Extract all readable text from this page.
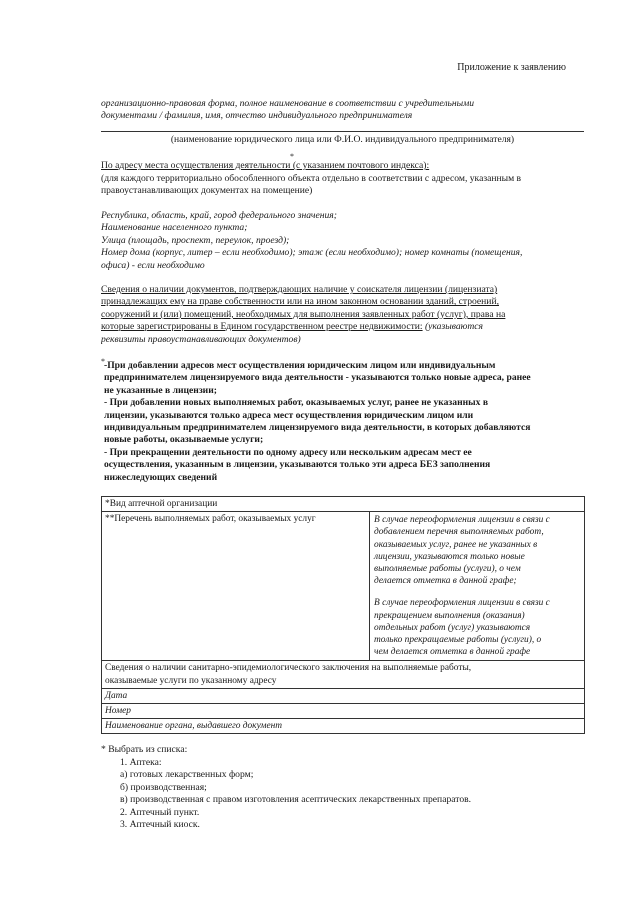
Приложение к заявлению
организационно-правовая форма, полное наименование в соответствии с учредительными
документами / фамилия, имя, отчество индивидуального предпринимателя
(наименование юридического лица или Ф.И.О. индивидуального предпринимателя)
*
По адресу места осуществления деятельности (с указанием почтового индекса):
(для каждого территориально обособленного объекта отдельно в соответствии с адресом, указанным в
правоустанавливающих документах на помещение)
Республика, область, край, город федерального значения;
Наименование населенного пункта;
Улица (площадь, проспект, переулок, проезд);
Номер дома (корпус, литер – если необходимо); этаж (если необходимо); номер комнаты (помещения,
офиса) - если необходимо
Сведения о наличии документов, подтверждающих наличие у соискателя лицензии (лицензиата)
принадлежащих ему на праве собственности или на ином законном основании зданий, строений,
сооружений и (или) помещений, необходимых для выполнения заявленных работ (услуг), права на
которые зарегистрированы в Едином государственном реестре недвижимости: (указываются
реквизиты правоустанавливающих документов)
* -При добавлении адресов мест осуществления юридическим лицом или индивидуальным
предпринимателем лицензируемого вида деятельности - указываются только новые адреса, ранее
не указанные в лицензии;
- При добавлении новых выполняемых работ, оказываемых услуг, ранее не указанных в
лицензии, указываются только адреса мест осуществления юридическим лицом или
индивидуальным предпринимателем лицензируемого вида деятельности, в которых добавляются
новые работы, оказываемые услуги;
- При прекращении деятельности по одному адресу или нескольким адресам мест ее
осуществления, указанным в лицензии, указываются только эти адреса БЕЗ заполнения
нижеследующих сведений
*Вид аптечной организации
**Перечень выполняемых работ, оказываемых услуг	В случае переоформления лицензии в связи с
добавлением перечня выполняемых работ,
оказываемых услуг, ранее не указанных в
лицензии, указываются только новые
выполняемые работы (услуги), о чем
делается отметка в данной графе;
В случае переоформления лицензии в связи с
прекращением выполнения (оказания)
отдельных работ (услуг) указываются
только прекращаемые работы (услуги), о
чем делается отметка в данной графе

Сведения о наличии санитарно-эпидемиологического заключения на выполняемые работы,
оказываемые услуги по указанному адресу

Дата
Номер
Наименование органа, выдавшего документ
* Выбрать из списка:
1. Аптека:
а) готовых лекарственных форм;
б) производственная;
в) производственная с правом изготовления асептических лекарственных препаратов.
2. Аптечный пункт.
3. Аптечный киоск.
